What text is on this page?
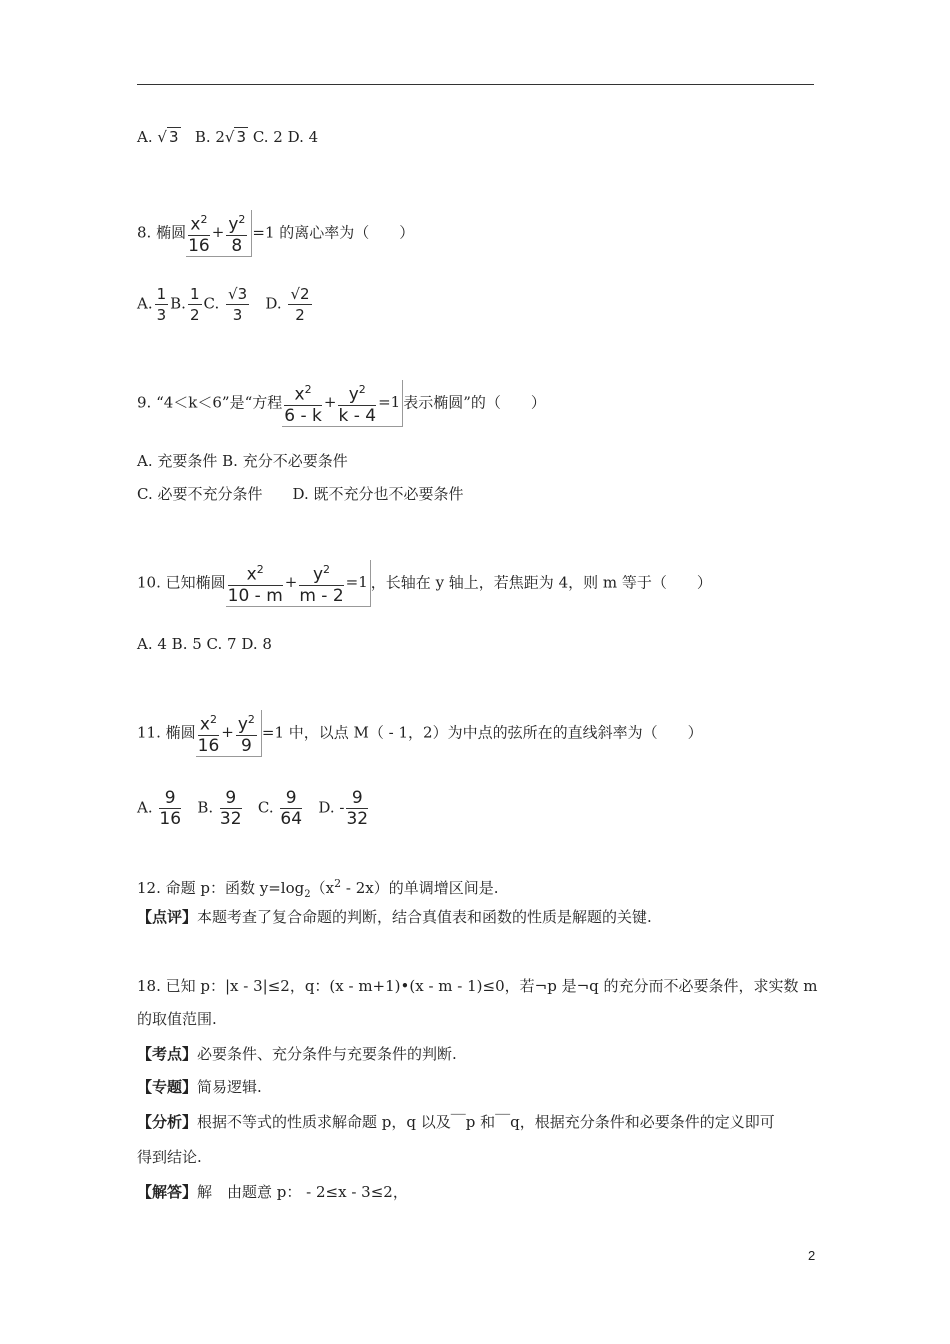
A. √ 3 B. 2√ 3 C. 2 D. 4
8. 椭圆 $\frac{x^2}{16} + \frac{y^2}{8} =1$ 的离心率为（　　）
A. $\frac{1}{3} B$. $\frac{1}{2} C$. $\frac{√3}{3} D$. $\frac{√2}{2}$
9. “4＜k＜6”是“方程 $\frac{x^2}{6 - k} + \frac{y^2}{k - 4} =1$ 表示椭圆”的（　　）
A. 充要条件 B. 充分不必要条件
C. 必要不充分条件　　D. 既不充分也不必要条件
10. 已知椭圆 $\frac{x^2}{10 - m} + \frac{y^2}{m - 2} =1$ ，长轴在 y 轴上，若焦距为 4，则 m 等于（　　）
A. 4 B. 5 C. 7 D. 8
11. 椭圆 $\frac{x^2}{16} + \frac{y^2}{9} =1$ 中，以点 M（ - 1，2）为中点的弦所在的直线斜率为（　　）
A. $\frac{9}{16} B$. $\frac{9}{32} C$. $\frac{9}{64} D$. - $\frac{9}{32}$
12. 命题 p：函数 $y=\log_2(x^2 - 2x)$的单调增区间是.
【点评】本题考查了复合命题的判断，结合真值表和函数的性质是解题的关键.
18. 已知 p：|x - 3|≤2，q：(x - m+1)•(x - m - 1)≤0，若¬p 是¬q 的充分而不必要条件，求实数 m
的取值范围.
【考点】必要条件、充分条件与充要条件的判断.
【专题】简易逻辑.
【分析】根据不等式的性质求解命题 p，q 以及￣p 和￣q，根据充分条件和必要条件的定义即可
得到结论.
【解答】解　由题意 p： - 2≤x - 3≤2，
2
